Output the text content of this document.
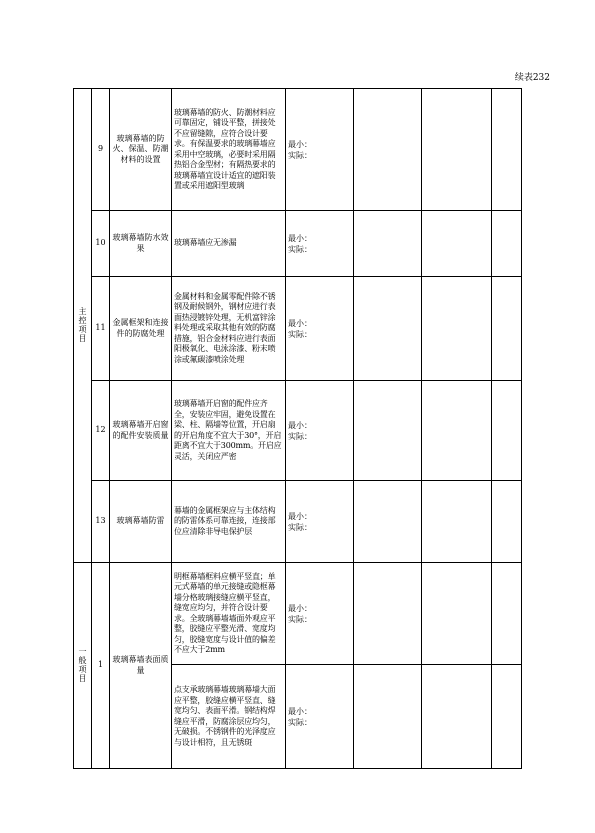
续表232
主控项目	9	玻璃幕墙的防火、保温、防潮材料的设置	玻璃幕墙的防火、防潮材料应可靠固定，铺设平整，拼接处不应留缝隙，应符合设计要求。有保温要求的玻璃幕墙应采用中空玻璃，必要时采用隔热铝合金型材；有隔热要求的玻璃幕墙宜设计适宜的遮阳装置或采用遮阳型玻璃	最小：
实际：			

	10	玻璃幕墙防水效果	玻璃幕墙应无渗漏	最小：
实际：			

	11	金属框架和连接件的防腐处理	金属材料和金属零配件除不锈钢及耐候钢外，钢材应进行表面热浸镀锌处理，无机富锌涂料处理或采取其他有效的防腐措施，铝合金材料应进行表面阳极氧化、电泳涂漆、粉末喷涂或氟碳漆喷涂处理	最小：
实际：			

	12	玻璃幕墙开启窗的配件安装质量	玻璃幕墙开启窗的配件应齐全，安装应牢固，避免设置在梁、柱、隔墙等位置，开启扇的开启角度不宜大于30°，开启距离不宜大于300mm。开启应灵活，关闭应严密	最小：
实际：			

	13	玻璃幕墙防雷	幕墙的金属框架应与主体结构的防雷体系可靠连接，连接部位应清除非导电保护层	最小：
实际：			

一般项目	1	玻璃幕墙表面质量	明框幕墙框料应横平竖直；单元式幕墙的单元接缝或隐框幕墙分格玻璃接缝应横平竖直，缝宽应均匀，并符合设计要求。全玻璃幕墙墙面外观应平整，胶缝应平整光滑、宽度均匀，胶缝宽度与设计值的偏差不应大于2mm	最小：
实际：			

			点支承玻璃幕墙玻璃幕墙大面应平整，胶缝应横平竖直、缝宽均匀、表面平滑。钢结构焊缝应平滑，防腐涂层应均匀，无破损。不锈钢件的光泽度应与设计相符，且无锈斑	最小：
实际：			
